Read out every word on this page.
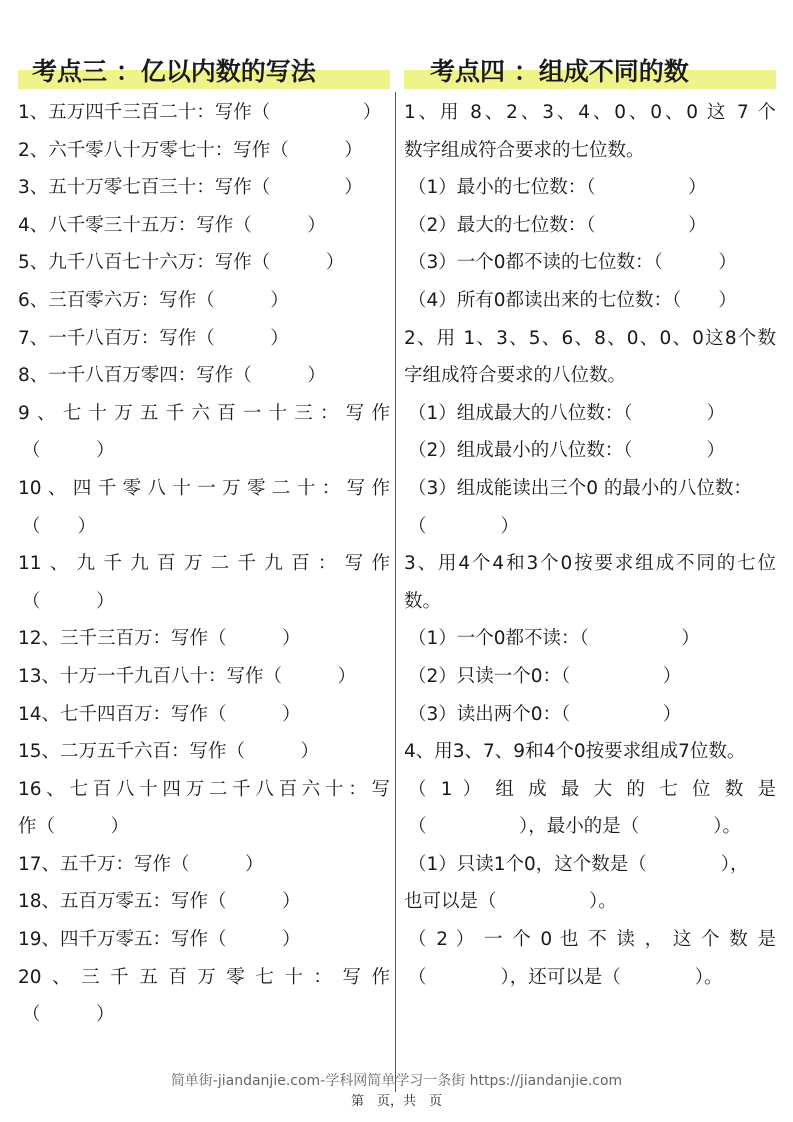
考点三 ：亿以内数的写法
1、五万四千三百二十：写作（　　　　　）
2、六千零八十万零七十：写作（　　　）
3、五十万零七百三十：写作（　　　　）
4、八千零三十五万：写作（　　　）
5、九千八百七十六万：写作（　　　）
6、三百零六万：写作（　　　）
7、一千八百万：写作（　　　）
8、一千八百万零四：写作（　　　）
9、七十万五千六百一十三：写作
（　　　）
10、四千零八十一万零二十：写作
（　　）
11、九千九百万二千九百：写作
（　　　）
12、三千三百万：写作（　　　）
13、十万一千九百八十：写作（　　　）
14、七千四百万：写作（　　　）
15、二万五千六百：写作（　　　）
16、七百八十四万二千八百六十：写
作（　　　）
17、五千万：写作（　　　）
18、五百万零五：写作（　　　）
19、四千万零五：写作（　　　）
20、三千五百万零七十：写作
（　　　）
考点四 ：组成不同的数
1、用 8、2、3、4、0、0、0 这 7 个
数字组成符合要求的七位数。
（1）最小的七位数：（　　　　　）
（2）最大的七位数：（　　　　　）
（3）一个0都不读的七位数：（　　　）
（4）所有0都读出来的七位数：（　　）
2、用 1、3、5、6、8、0、0、0这8个数
字组成符合要求的八位数。
（1）组成最大的八位数：（　　　　）
（2）组成最小的八位数：（　　　　）
（3）组成能读出三个0 的最小的八位数：
（　　　　）
3、用4个4和3个0按要求组成不同的七位
数。
（1）一个0都不读：（　　　　　）
（2）只读一个0：（　　　　　）
（3）读出两个0：（　　　　　）
4、用3、7、9和4个0按要求组成7位数。
（ 1 ） 组 成 最 大 的 七 位 数 是
（　　　　　），最小的是（　　　　）。
（1）只读1个0，这个数是（　　　　），
也可以是（　　　　　）。
（ 2 ） 一 个 0 也 不 读 ， 这 个 数 是
（　　　　），还可以是（　　　　）。
简单街-jiandanjie.com-学科网简单学习一条街 https://jiandanjie.com
第　页，共　页
